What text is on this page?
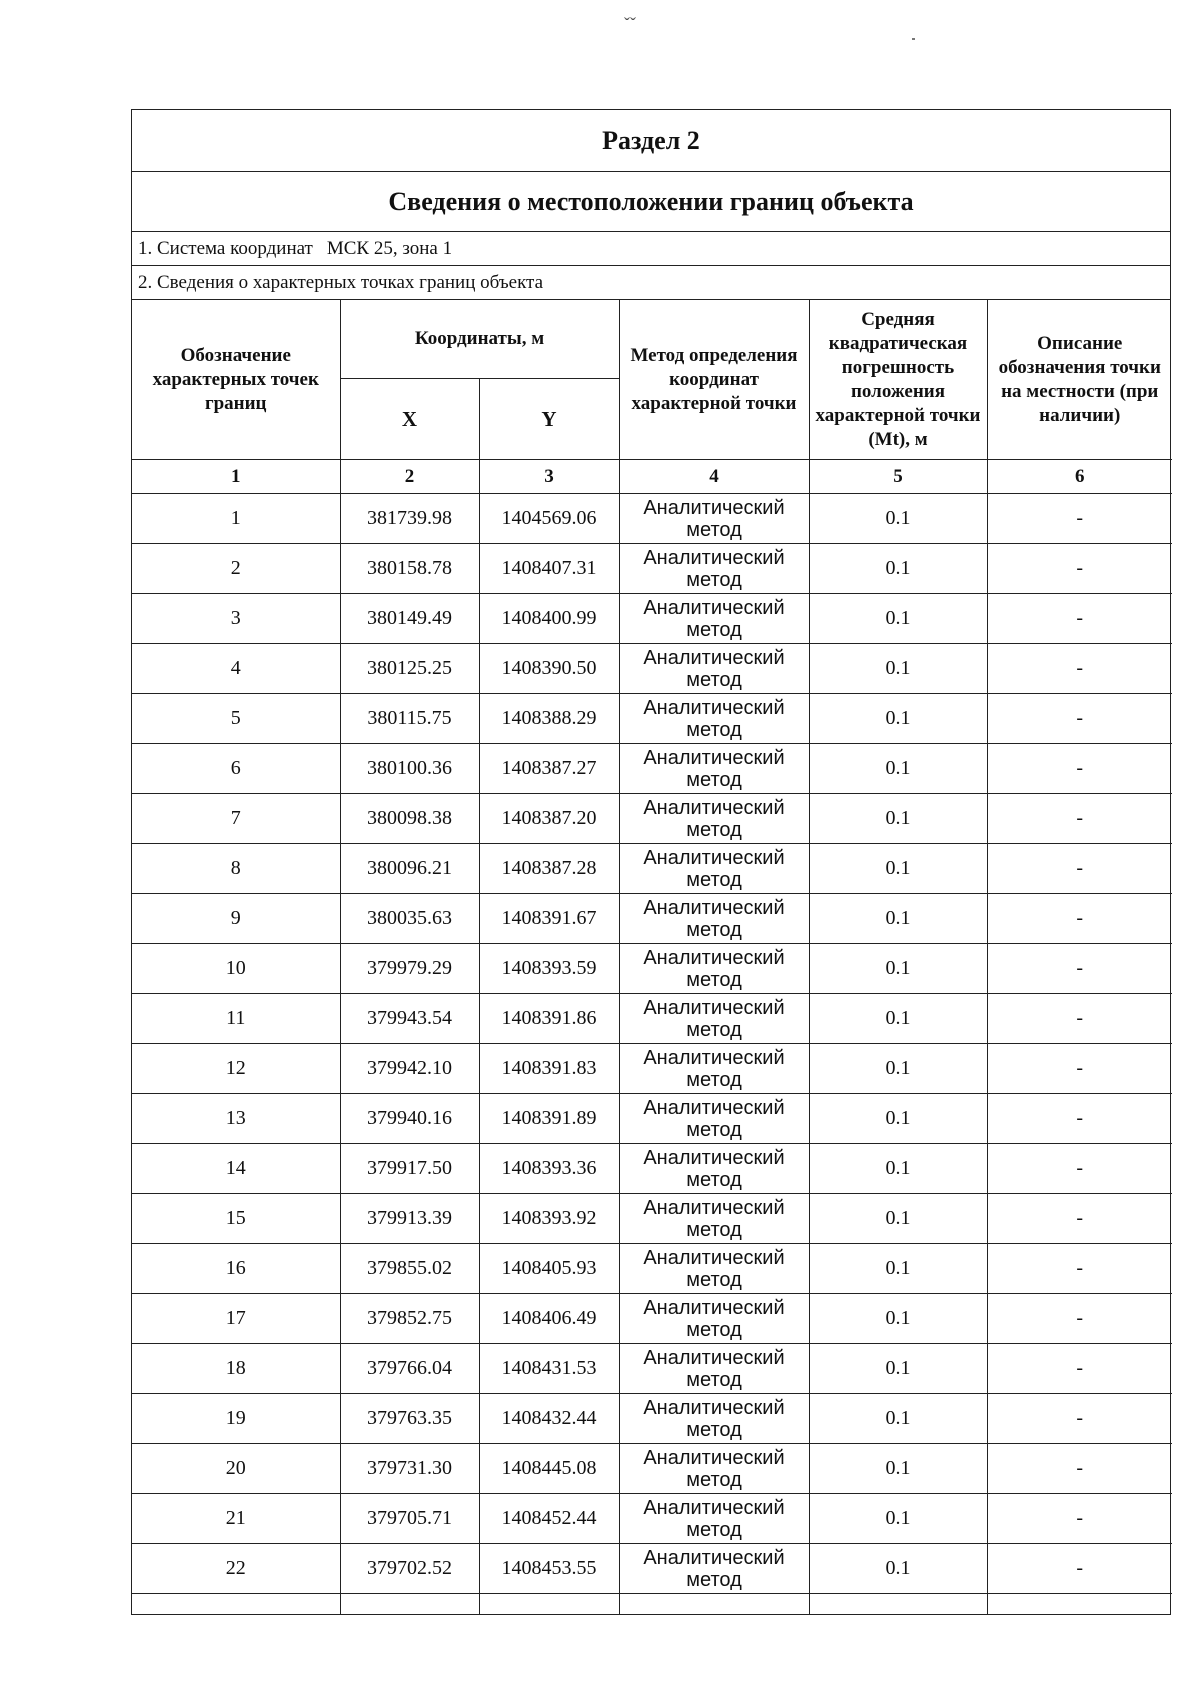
ˬˬ
Раздел 2
Сведения о местоположении границ объекта
1. Система координат МСК 25, зона 1
2. Сведения о характерных точках границ объекта
Обозначение характерных точек границ	Координаты, м		Метод определения координат характерной точки	Средняя квадратическая погрешность положения характерной точки (Mt), м	Описание обозначения точки на местности (при наличии)
	X	Y			
1	2	3	4	5	6
1	381739.98	1404569.06	Аналитический метод	0.1	-
2	380158.78	1408407.31	Аналитический метод	0.1	-
3	380149.49	1408400.99	Аналитический метод	0.1	-
4	380125.25	1408390.50	Аналитический метод	0.1	-
5	380115.75	1408388.29	Аналитический метод	0.1	-
6	380100.36	1408387.27	Аналитический метод	0.1	-
7	380098.38	1408387.20	Аналитический метод	0.1	-
8	380096.21	1408387.28	Аналитический метод	0.1	-
9	380035.63	1408391.67	Аналитический метод	0.1	-
10	379979.29	1408393.59	Аналитический метод	0.1	-
11	379943.54	1408391.86	Аналитический метод	0.1	-
12	379942.10	1408391.83	Аналитический метод	0.1	-
13	379940.16	1408391.89	Аналитический метод	0.1	-
14	379917.50	1408393.36	Аналитический метод	0.1	-
15	379913.39	1408393.92	Аналитический метод	0.1	-
16	379855.02	1408405.93	Аналитический метод	0.1	-
17	379852.75	1408406.49	Аналитический метод	0.1	-
18	379766.04	1408431.53	Аналитический метод	0.1	-
19	379763.35	1408432.44	Аналитический метод	0.1	-
20	379731.30	1408445.08	Аналитический метод	0.1	-
21	379705.71	1408452.44	Аналитический метод	0.1	-
22	379702.52	1408453.55	Аналитический метод	0.1	-
